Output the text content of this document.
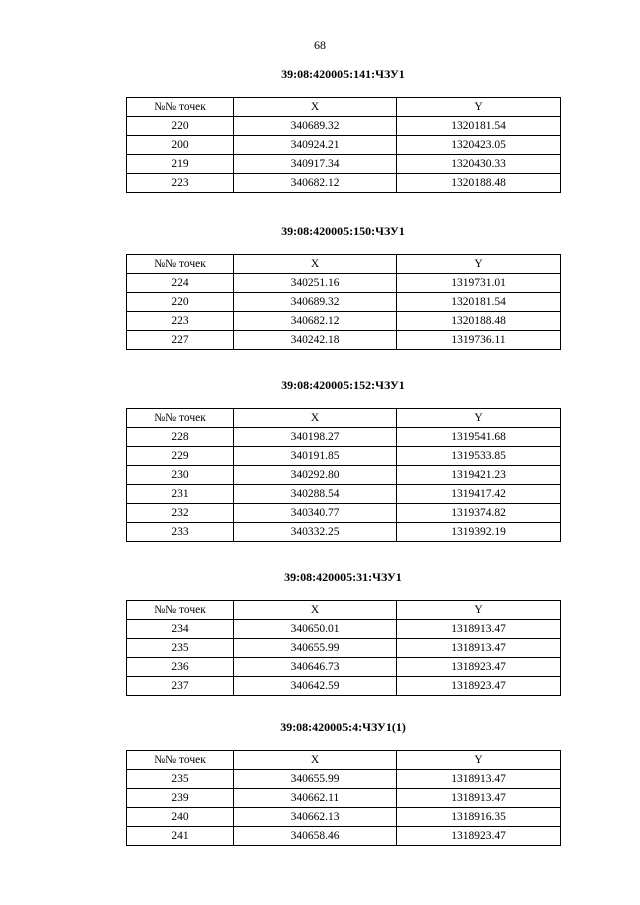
68
39:08:420005:141:ЧЗУ1
№№ точек	X	Y
220	340689.32	1320181.54
200	340924.21	1320423.05
219	340917.34	1320430.33
223	340682.12	1320188.48
39:08:420005:150:ЧЗУ1
№№ точек	X	Y
224	340251.16	1319731.01
220	340689.32	1320181.54
223	340682.12	1320188.48
227	340242.18	1319736.11
39:08:420005:152:ЧЗУ1
№№ точек	X	Y
228	340198.27	1319541.68
229	340191.85	1319533.85
230	340292.80	1319421.23
231	340288.54	1319417.42
232	340340.77	1319374.82
233	340332.25	1319392.19
39:08:420005:31:ЧЗУ1
№№ точек	X	Y
234	340650.01	1318913.47
235	340655.99	1318913.47
236	340646.73	1318923.47
237	340642.59	1318923.47
39:08:420005:4:ЧЗУ1(1)
№№ точек	X	Y
235	340655.99	1318913.47
239	340662.11	1318913.47
240	340662.13	1318916.35
241	340658.46	1318923.47
